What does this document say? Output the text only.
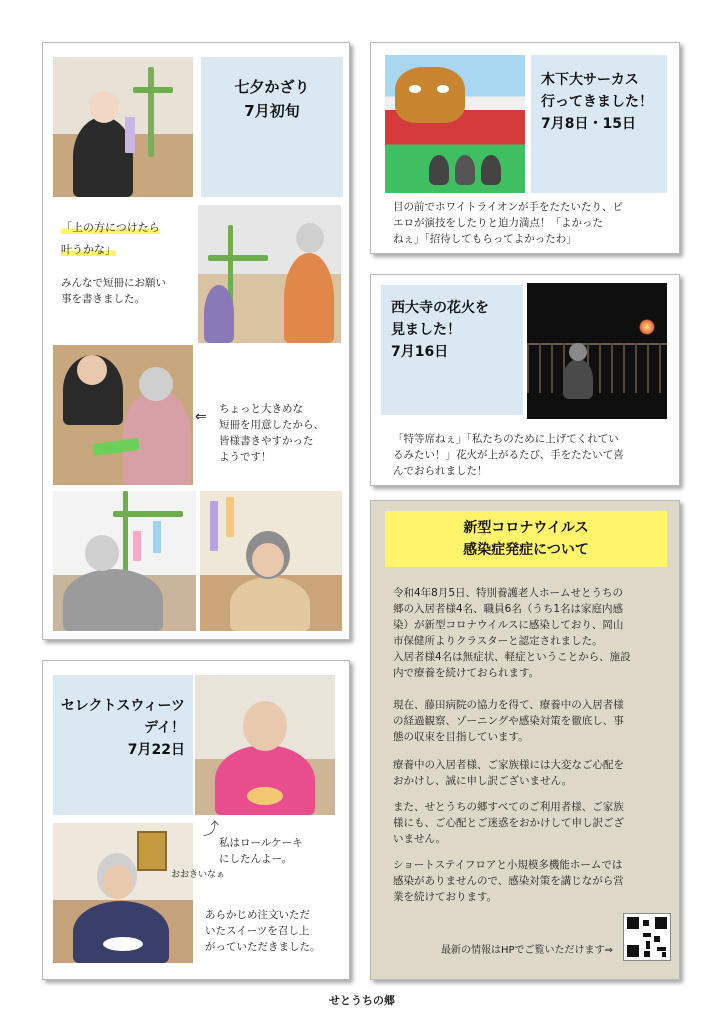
七夕かざり
7月初旬
「上の方につけたら
叶うかな」
みんなで短冊にお願い
事を書きました。
⇐ ちょっと大きめな
短冊を用意したから、
皆様書きやすかった
ようです！
木下大サーカス
行ってきました！
7月8日・15日
目の前でホワイトライオンが手をたたいたり、ピ
エロが演技をしたりと迫力満点！「よかった
ねぇ」「招待してもらってよかったわ」
西大寺の花火を
見ました！
7月16日
「特等席ねぇ」「私たちのために上げてくれてい
るみたい！」花火が上がるたび、手をたたいて喜
んでおられました！
セレクトスウィーツ
デイ！
7月22日
⤴
私はロールケーキ
にしたんよー。
おおきいなぁ
あらかじめ注文いただ
いたスイーツを召し上
がっていただきました。
新型コロナウイルス
感染症発症について
令和4年8月5日、特別養護老人ホームせとうちの
郷の入居者様4名、職員6名（うち1名は家庭内感
染）が新型コロナウイルスに感染しており、岡山
市保健所よりクラスターと認定されました。
入居者様4名は無症状、軽症ということから、施設
内で療養を続けておられます。
現在、藤田病院の協力を得て、療養中の入居者様
の経過観察、ゾーニングや感染対策を徹底し、事
態の収束を目指しています。
療養中の入居者様、ご家族様には大変なご心配を
おかけし、誠に申し訳ございません。
また、せとうちの郷すべてのご利用者様、ご家族
様にも、ご心配とご迷惑をおかけして申し訳ござ
いません。
ショートステイフロアと小規模多機能ホームでは
感染がありませんので、感染対策を講じながら営
業を続けております。
最新の情報はHPでご覧いただけます⇒
せとうちの郷
